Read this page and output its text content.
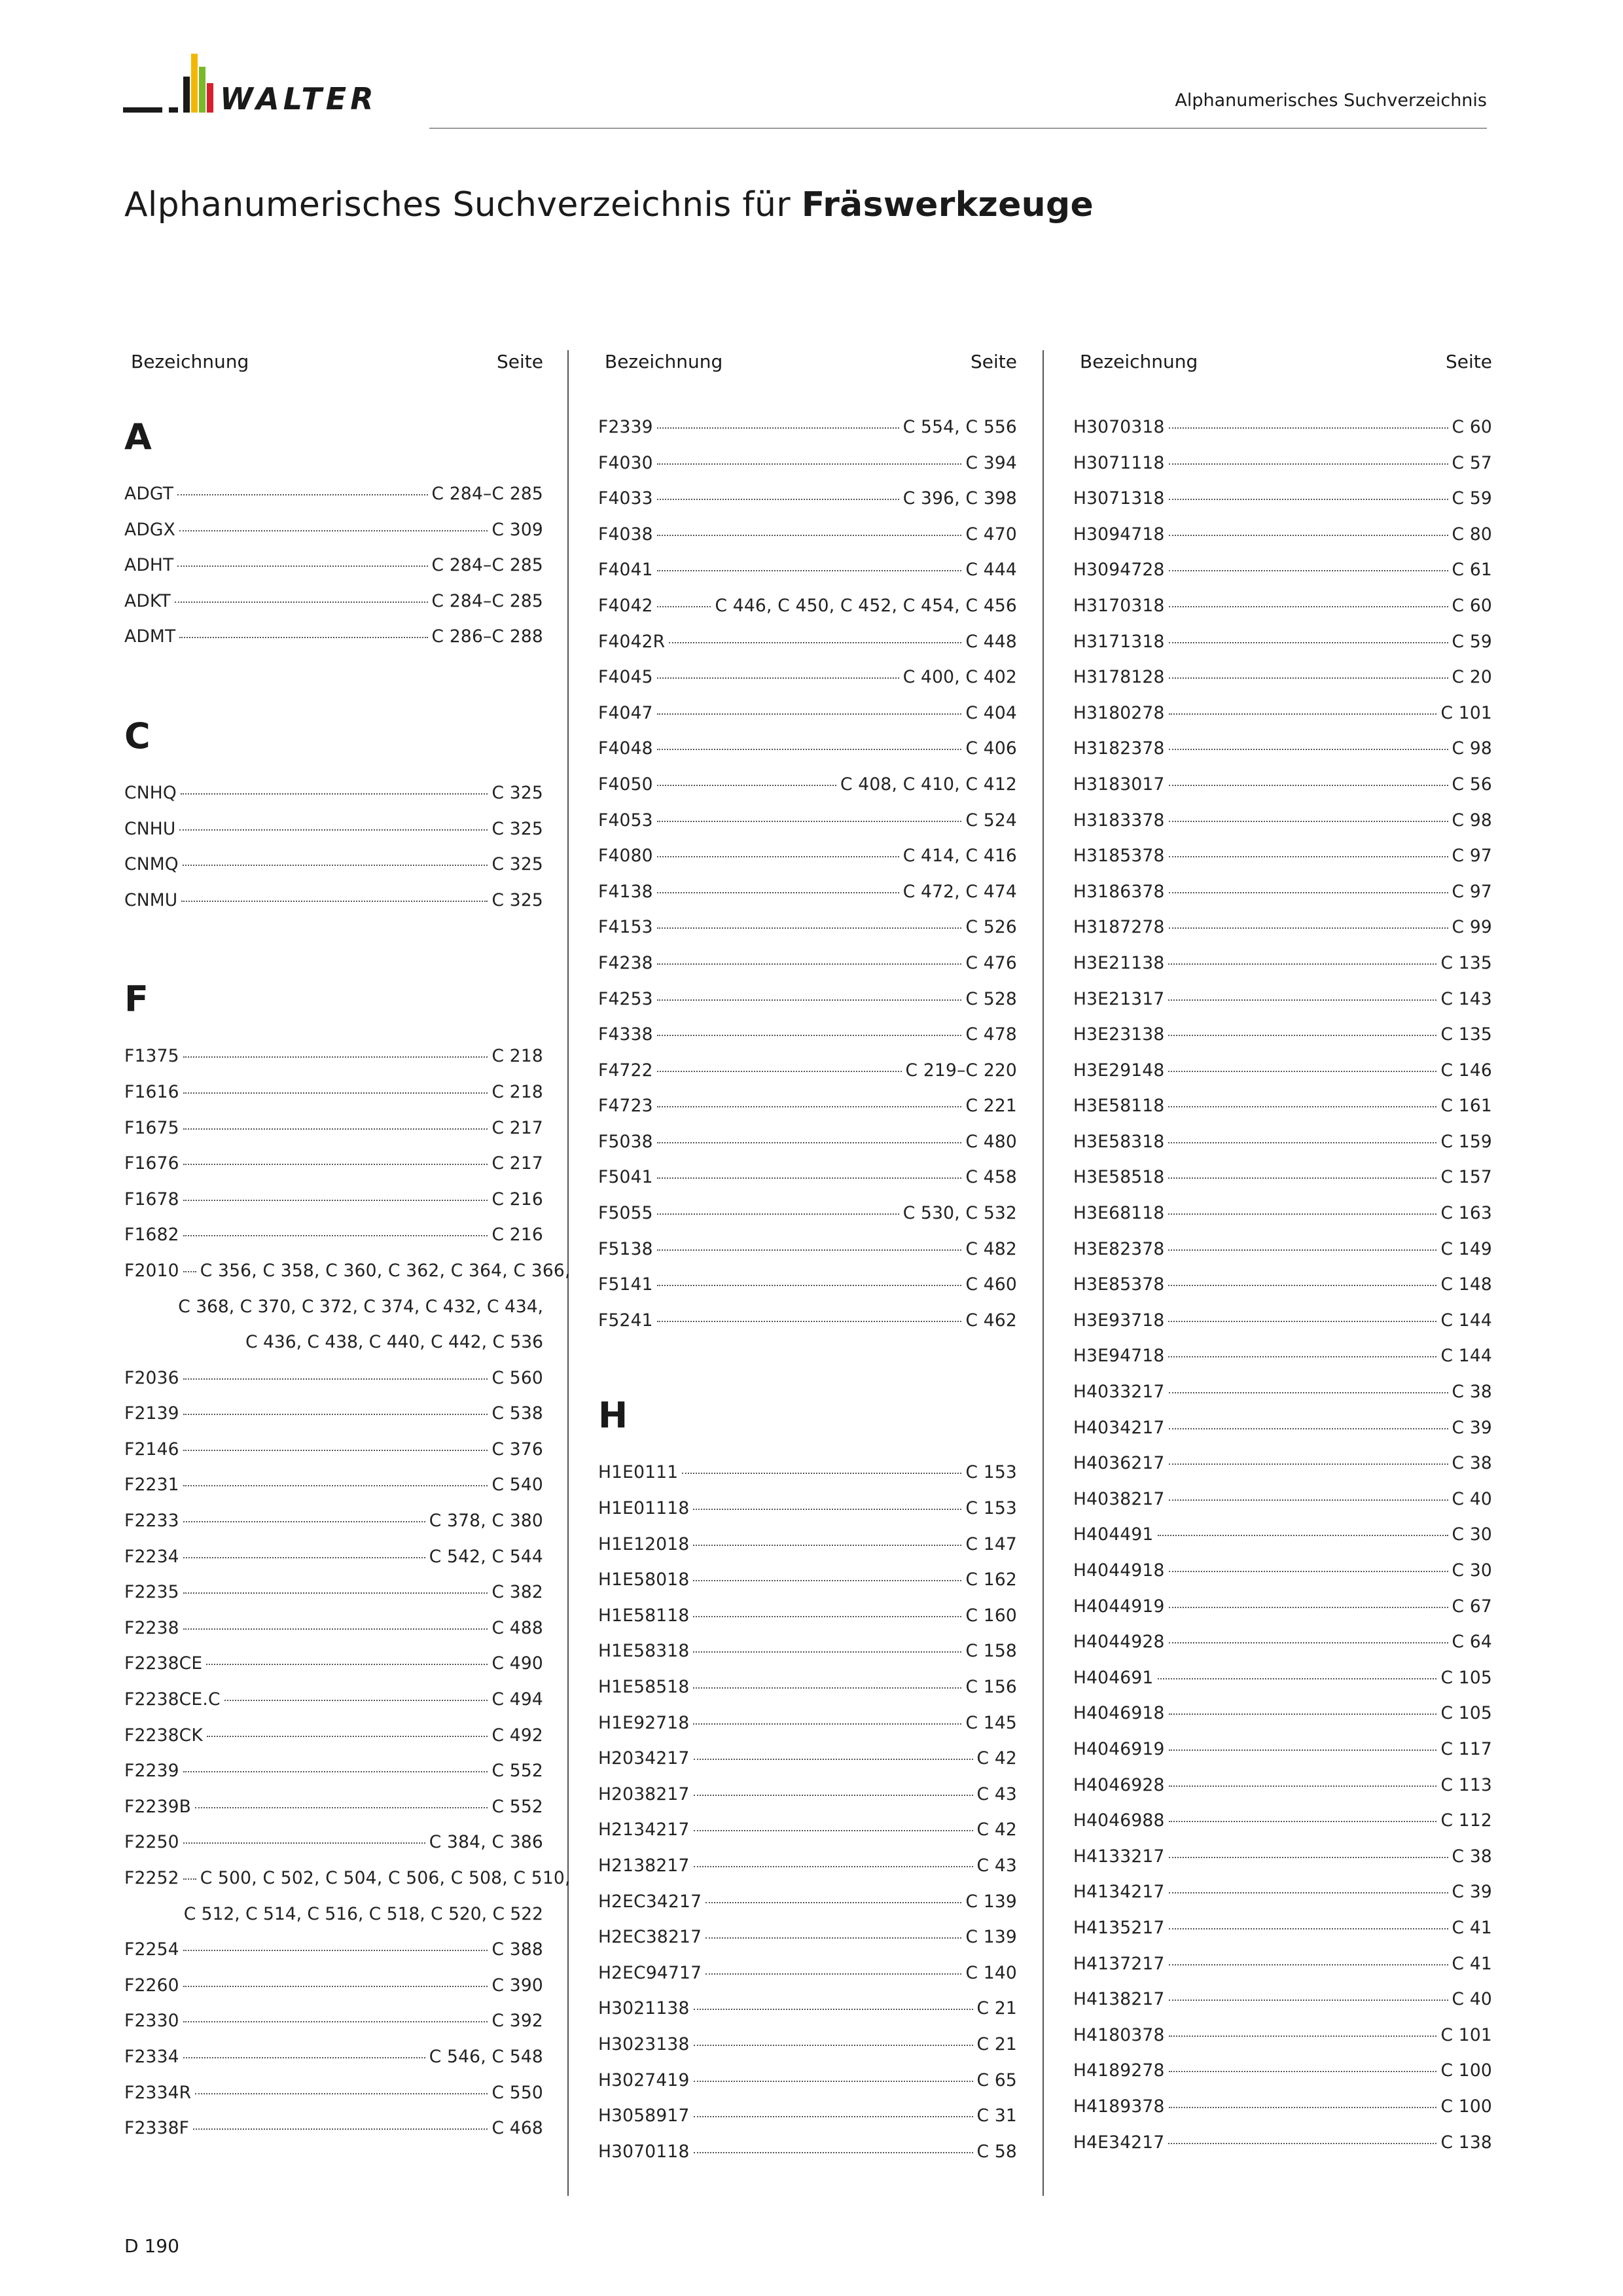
WALTER	Alphanumerisches Suchverzeichnis
Alphanumerisches Suchverzeichnis für Fräswerkzeuge
Bezeichnung	Seite
A
ADGT	C 284–C 285
ADGX	C 309
ADHT	C 284–C 285
ADKT	C 284–C 285
ADMT	C 286–C 288
C
CNHQ	C 325
CNHU	C 325
CNMQ	C 325
CNMU	C 325
F
F1375	C 218
F1616	C 218
F1675	C 217
F1676	C 217
F1678	C 216
F1682	C 216
F2010 C 356, C 358, C 360, C 362, C 364, C 366,
C 368, C 370, C 372, C 374, C 432, C 434,
C 436, C 438, C 440, C 442, C 536
F2036	C 560
F2139	C 538
F2146	C 376
F2231	C 540
F2233	C 378, C 380
F2234	C 542, C 544
F2235	C 382
F2238	C 488
F2238CE	C 490
F2238CE.C	C 494
F2238CK	C 492
F2239	C 552
F2239B	C 552
F2250	C 384, C 386
F2252 C 500, C 502, C 504, C 506, C 508, C 510,
C 512, C 514, C 516, C 518, C 520, C 522
F2254	C 388
F2260	C 390
F2330	C 392
F2334	C 546, C 548
F2334R	C 550
F2338F	C 468
Bezeichnung	Seite
F2339	C 554, C 556
F4030	C 394
F4033	C 396, C 398
F4038	C 470
F4041	C 444
F4042	C 446, C 450, C 452, C 454, C 456
F4042R	C 448
F4045	C 400, C 402
F4047	C 404
F4048	C 406
F4050	C 408, C 410, C 412
F4053	C 524
F4080	C 414, C 416
F4138	C 472, C 474
F4153	C 526
F4238	C 476
F4253	C 528
F4338	C 478
F4722	C 219–C 220
F4723	C 221
F5038	C 480
F5041	C 458
F5055	C 530, C 532
F5138	C 482
F5141	C 460
F5241	C 462
H
H1E0111	C 153
H1E01118	C 153
H1E12018	C 147
H1E58018	C 162
H1E58118	C 160
H1E58318	C 158
H1E58518	C 156
H1E92718	C 145
H2034217	C 42
H2038217	C 43
H2134217	C 42
H2138217	C 43
H2EC34217	C 139
H2EC38217	C 139
H2EC94717	C 140
H3021138	C 21
H3023138	C 21
H3027419	C 65
H3058917	C 31
H3070118	C 58
Bezeichnung	Seite
H3070318	C 60
H3071118	C 57
H3071318	C 59
H3094718	C 80
H3094728	C 61
H3170318	C 60
H3171318	C 59
H3178128	C 20
H3180278	C 101
H3182378	C 98
H3183017	C 56
H3183378	C 98
H3185378	C 97
H3186378	C 97
H3187278	C 99
H3E21138	C 135
H3E21317	C 143
H3E23138	C 135
H3E29148	C 146
H3E58118	C 161
H3E58318	C 159
H3E58518	C 157
H3E68118	C 163
H3E82378	C 149
H3E85378	C 148
H3E93718	C 144
H3E94718	C 144
H4033217	C 38
H4034217	C 39
H4036217	C 38
H4038217	C 40
H404491	C 30
H4044918	C 30
H4044919	C 67
H4044928	C 64
H404691	C 105
H4046918	C 105
H4046919	C 117
H4046928	C 113
H4046988	C 112
H4133217	C 38
H4134217	C 39
H4135217	C 41
H4137217	C 41
H4138217	C 40
H4180378	C 101
H4189278	C 100
H4189378	C 100
H4E34217	C 138
D 190
